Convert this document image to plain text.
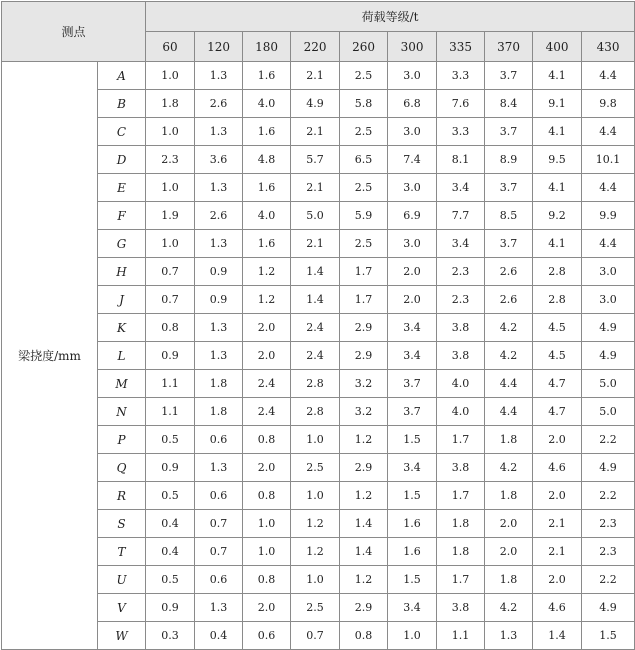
测点		荷载等级/t									
		60	120	180	220	260	300	335	370	400	430
梁挠度/mm	A	1.0	1.3	1.6	2.1	2.5	3.0	3.3	3.7	4.1	4.4
	B	1.8	2.6	4.0	4.9	5.8	6.8	7.6	8.4	9.1	9.8
	C	1.0	1.3	1.6	2.1	2.5	3.0	3.3	3.7	4.1	4.4
	D	2.3	3.6	4.8	5.7	6.5	7.4	8.1	8.9	9.5	10.1
	E	1.0	1.3	1.6	2.1	2.5	3.0	3.4	3.7	4.1	4.4
	F	1.9	2.6	4.0	5.0	5.9	6.9	7.7	8.5	9.2	9.9
	G	1.0	1.3	1.6	2.1	2.5	3.0	3.4	3.7	4.1	4.4
	H	0.7	0.9	1.2	1.4	1.7	2.0	2.3	2.6	2.8	3.0
	J	0.7	0.9	1.2	1.4	1.7	2.0	2.3	2.6	2.8	3.0
	K	0.8	1.3	2.0	2.4	2.9	3.4	3.8	4.2	4.5	4.9
	L	0.9	1.3	2.0	2.4	2.9	3.4	3.8	4.2	4.5	4.9
	M	1.1	1.8	2.4	2.8	3.2	3.7	4.0	4.4	4.7	5.0
	N	1.1	1.8	2.4	2.8	3.2	3.7	4.0	4.4	4.7	5.0
	P	0.5	0.6	0.8	1.0	1.2	1.5	1.7	1.8	2.0	2.2
	Q	0.9	1.3	2.0	2.5	2.9	3.4	3.8	4.2	4.6	4.9
	R	0.5	0.6	0.8	1.0	1.2	1.5	1.7	1.8	2.0	2.2
	S	0.4	0.7	1.0	1.2	1.4	1.6	1.8	2.0	2.1	2.3
	T	0.4	0.7	1.0	1.2	1.4	1.6	1.8	2.0	2.1	2.3
	U	0.5	0.6	0.8	1.0	1.2	1.5	1.7	1.8	2.0	2.2
	V	0.9	1.3	2.0	2.5	2.9	3.4	3.8	4.2	4.6	4.9
	W	0.3	0.4	0.6	0.7	0.8	1.0	1.1	1.3	1.4	1.5
